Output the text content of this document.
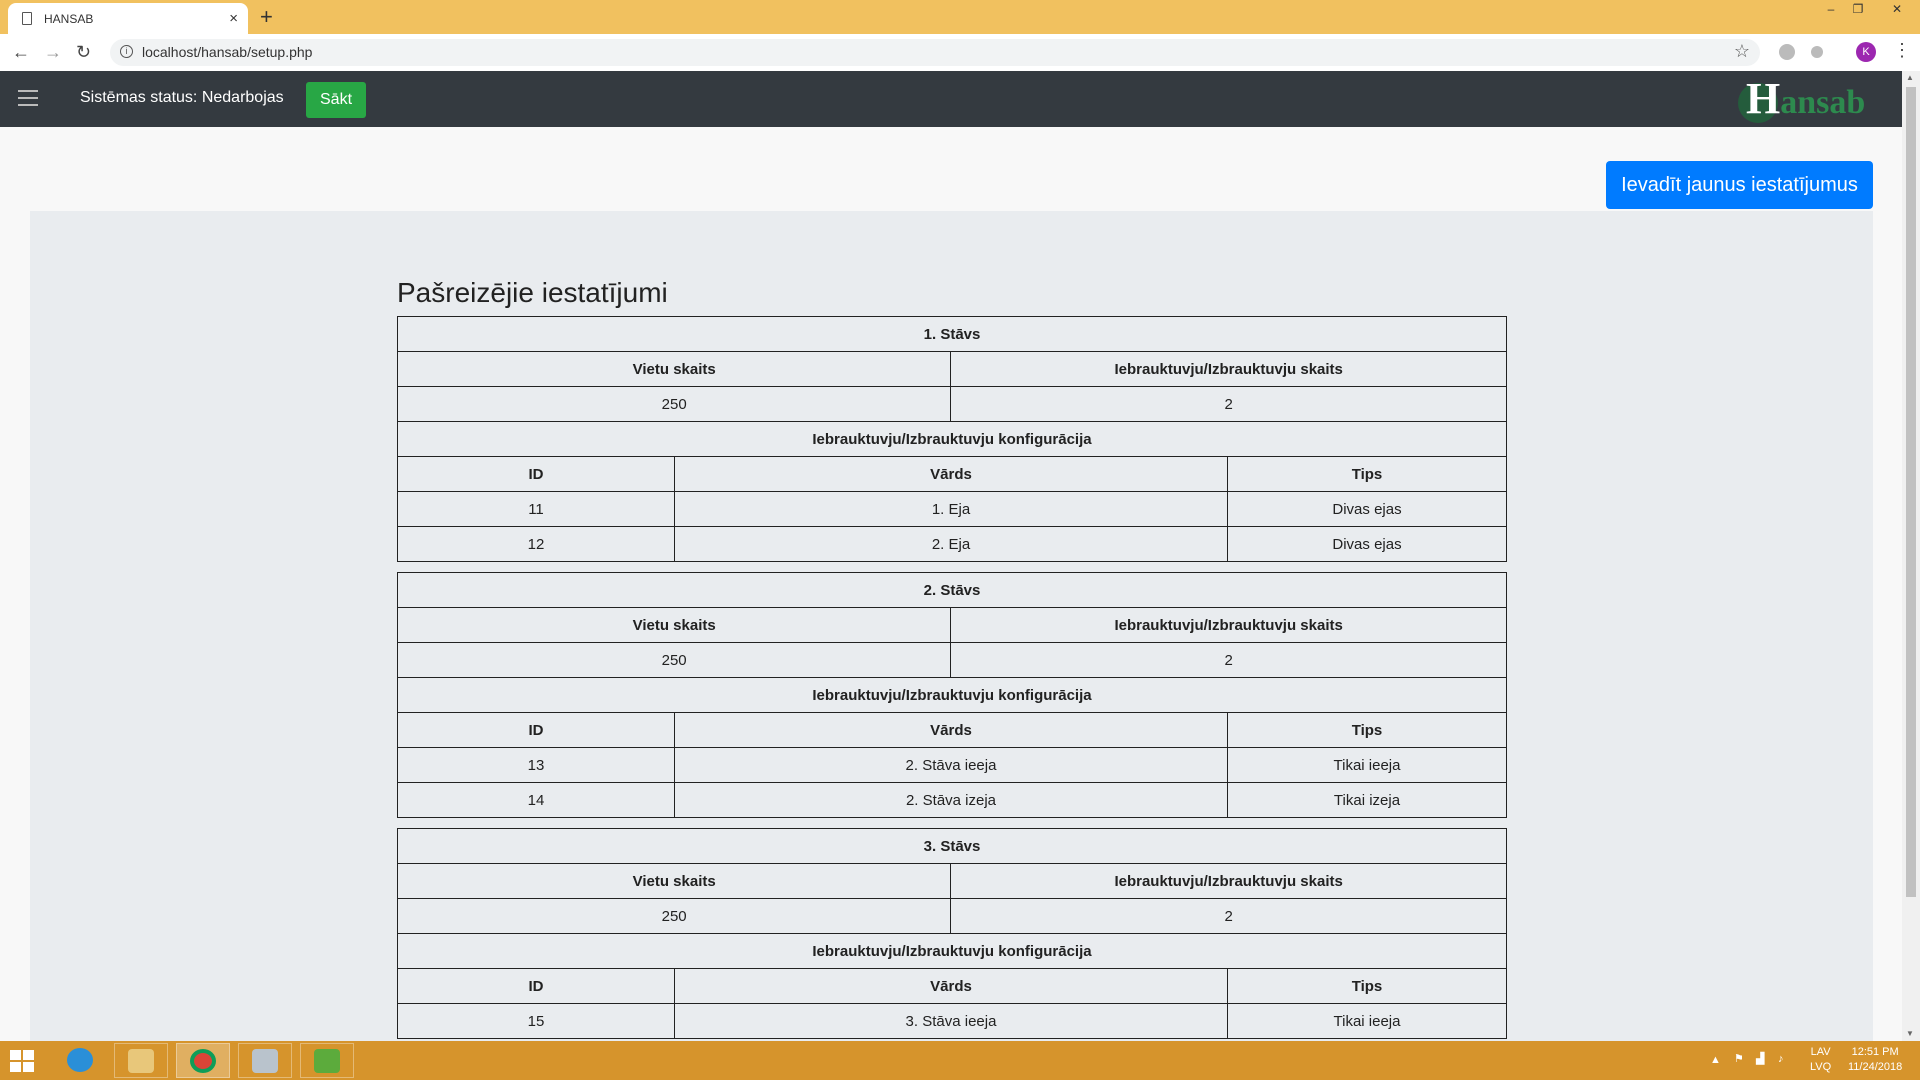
HANSAB	× +	–	❐	✕
← → ↻	i	localhost/hansab/setup.php	☆	K	⋮
Sistēmas status: Nedarbojas	Sākt	Hansab
▲
▼
Ievadīt jaunus iestatījumus
Pašreizējie iestatījumi
1. Stāvs			
Vietu skaits		Iebrauktuvju/Izbrauktuvju skaits	
250		2	
Iebrauktuvju/Izbrauktuvju konfigurācija			
ID	Vārds		Tips
11	1. Eja		Divas ejas
12	2. Eja		Divas ejas
2. Stāvs			
Vietu skaits		Iebrauktuvju/Izbrauktuvju skaits	
250		2	
Iebrauktuvju/Izbrauktuvju konfigurācija			
ID	Vārds		Tips
13	2. Stāva ieeja		Tikai ieeja
14	2. Stāva izeja		Tikai izeja
3. Stāvs			
Vietu skaits		Iebrauktuvju/Izbrauktuvju skaits	
250		2	
Iebrauktuvju/Izbrauktuvju konfigurācija			
ID	Vārds		Tips
15	3. Stāva ieeja		Tikai ieeja
▲ ⚑ ▟ ♪
LAV
LVQ
12:51 PM
11/24/2018
